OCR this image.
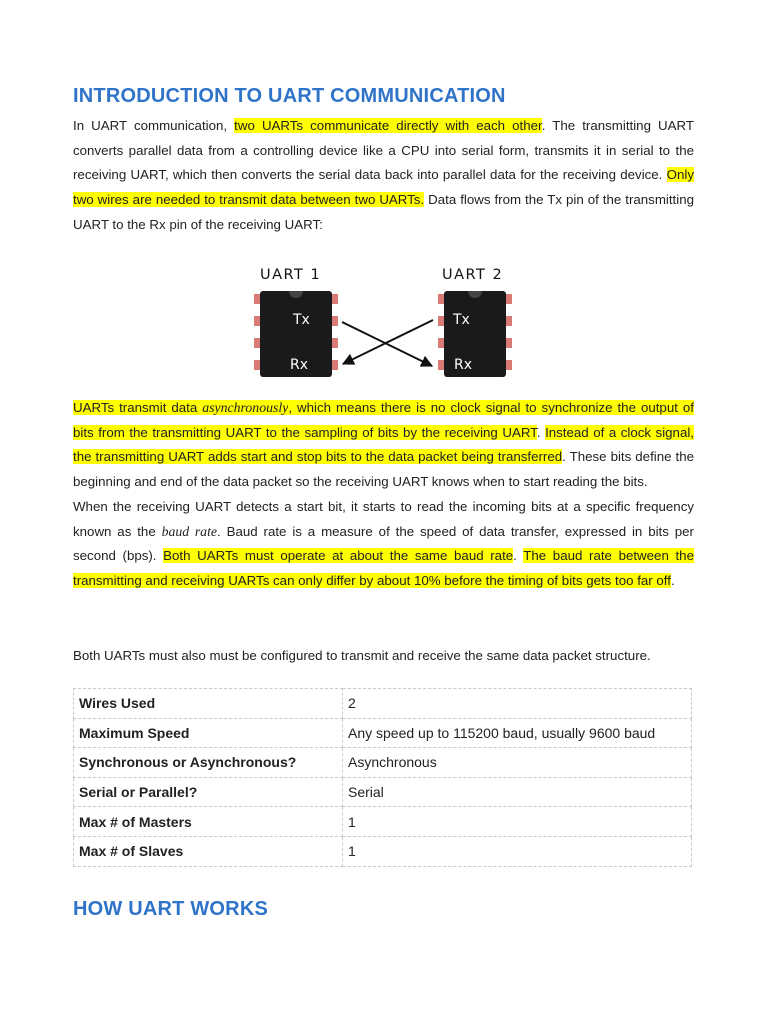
INTRODUCTION TO UART COMMUNICATION

In UART communication, two UARTs communicate directly with each other. The transmitting UART converts parallel data from a controlling device like a CPU into serial form, transmits it in serial to the receiving UART, which then converts the serial data back into parallel data for the receiving device. Only two wires are needed to transmit data between two UARTs. Data flows from the Tx pin of the transmitting UART to the Rx pin of the receiving UART:

UART 1	UART 2
Tx
Rx
Tx
Rx

UARTs transmit data asynchronously, which means there is no clock signal to synchronize the output of bits from the transmitting UART to the sampling of bits by the receiving UART. Instead of a clock signal, the transmitting UART adds start and stop bits to the data packet being transferred. These bits define the beginning and end of the data packet so the receiving UART knows when to start reading the bits.
When the receiving UART detects a start bit, it starts to read the incoming bits at a specific frequency known as the baud rate. Baud rate is a measure of the speed of data transfer, expressed in bits per second (bps). Both UARTs must operate at about the same baud rate. The baud rate between the transmitting and receiving UARTs can only differ by about 10% before the timing of bits gets too far off.

Both UARTs must also must be configured to transmit and receive the same data packet structure.

Wires Used	2
Maximum Speed	Any speed up to 115200 baud, usually 9600 baud
Synchronous or Asynchronous?	Asynchronous
Serial or Parallel?	Serial
Max # of Masters	1
Max # of Slaves	1
HOW UART WORKS
